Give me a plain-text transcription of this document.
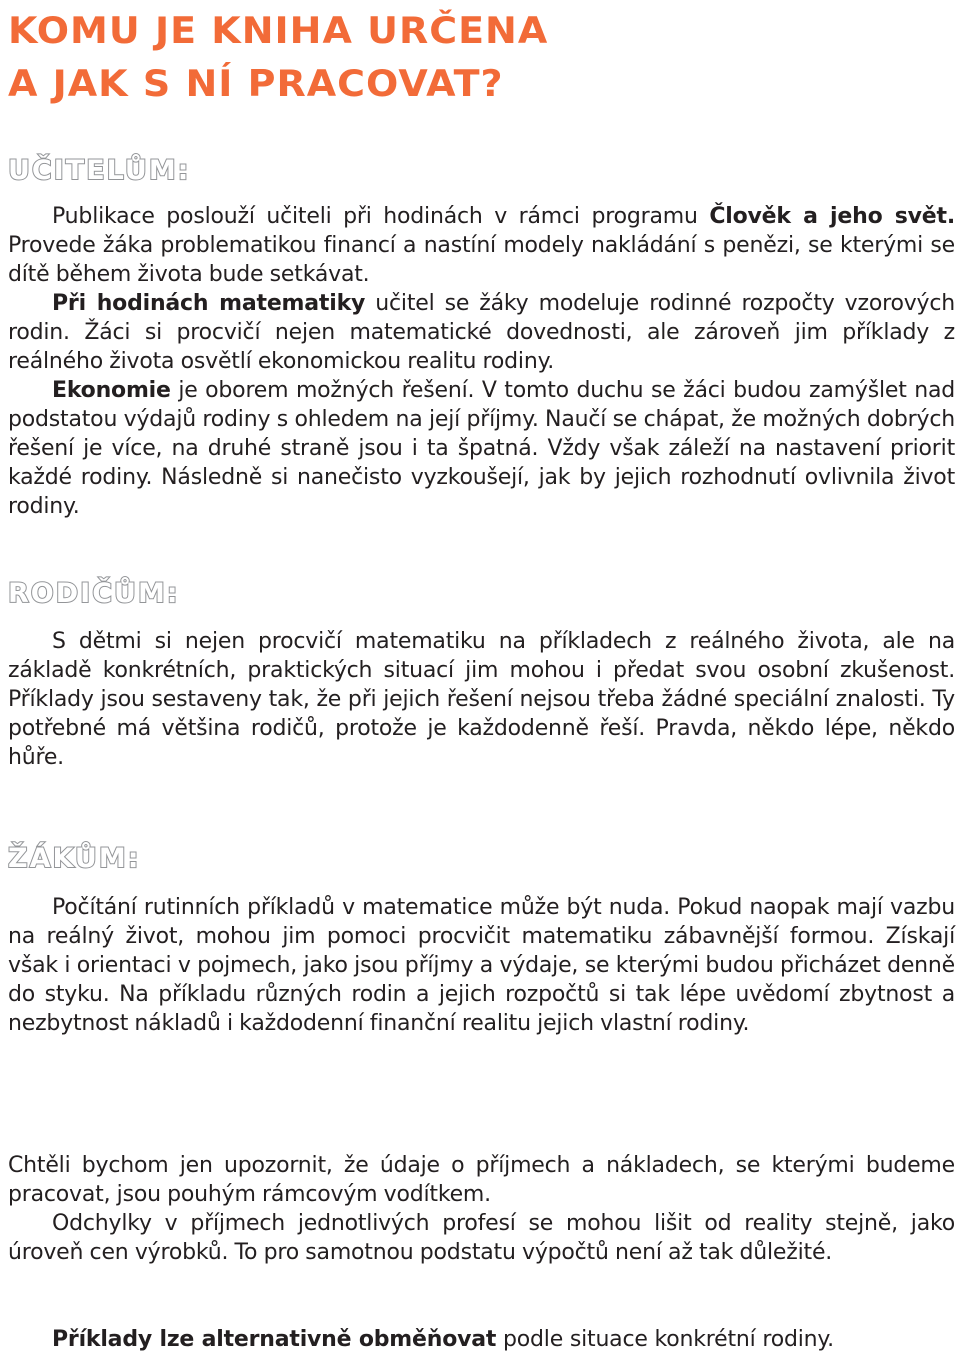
KOMU JE KNIHA URČENA
A JAK S NÍ PRACOVAT?
UČITELŮM:

Publikace poslouží učiteli při hodinách v rámci programu Člověk a jeho svět. Provede žáka problematikou financí a nastíní modely nakládání s penězi, se kterými se dítě během života bude setkávat.

Při hodinách matematiky učitel se žáky modeluje rodinné rozpočty vzorových rodin. Žáci si procvičí nejen matematické dovednosti, ale zároveň jim příklady z reálného života osvětlí ekonomickou realitu rodiny.

Ekonomie je oborem možných řešení. V tomto duchu se žáci budou zamýšlet nad podstatou výdajů rodiny s ohledem na její příjmy. Naučí se chápat, že možných dobrých řešení je více, na druhé straně jsou i ta špatná. Vždy však záleží na nastavení priorit každé rodiny. Následně si nanečisto vyzkoušejí, jak by jejich rozhodnutí ovlivnila život rodiny.

RODIČŮM:

S dětmi si nejen procvičí matematiku na příkladech z reálného života, ale na základě konkrétních, praktických situací jim mohou i předat svou osobní zkušenost. Příklady jsou sestaveny tak, že při jejich řešení nejsou třeba žádné speciální znalosti. Ty potřebné má většina rodičů, protože je každodenně řeší. Pravda, někdo lépe, někdo hůře.

ŽÁKŮM:

Počítání rutinních příkladů v matematice může být nuda. Pokud naopak mají vazbu na reálný život, mohou jim pomoci procvičit matematiku zábavnější formou. Získají však i orientaci v pojmech, jako jsou příjmy a výdaje, se kterými budou přicházet denně do styku. Na příkladu různých rodin a jejich rozpočtů si tak lépe uvědomí zbytnost a nezbytnost nákladů i každodenní finanční realitu jejich vlastní rodiny.

Chtěli bychom jen upozornit, že údaje o příjmech a nákladech, se kterými budeme pracovat, jsou pouhým rámcovým vodítkem.

Odchylky v příjmech jednotlivých profesí se mohou lišit od reality stejně, jako úroveň cen výrobků. To pro samotnou podstatu výpočtů není až tak důležité.

Příklady lze alternativně obměňovat podle situace konkrétní rodiny.
